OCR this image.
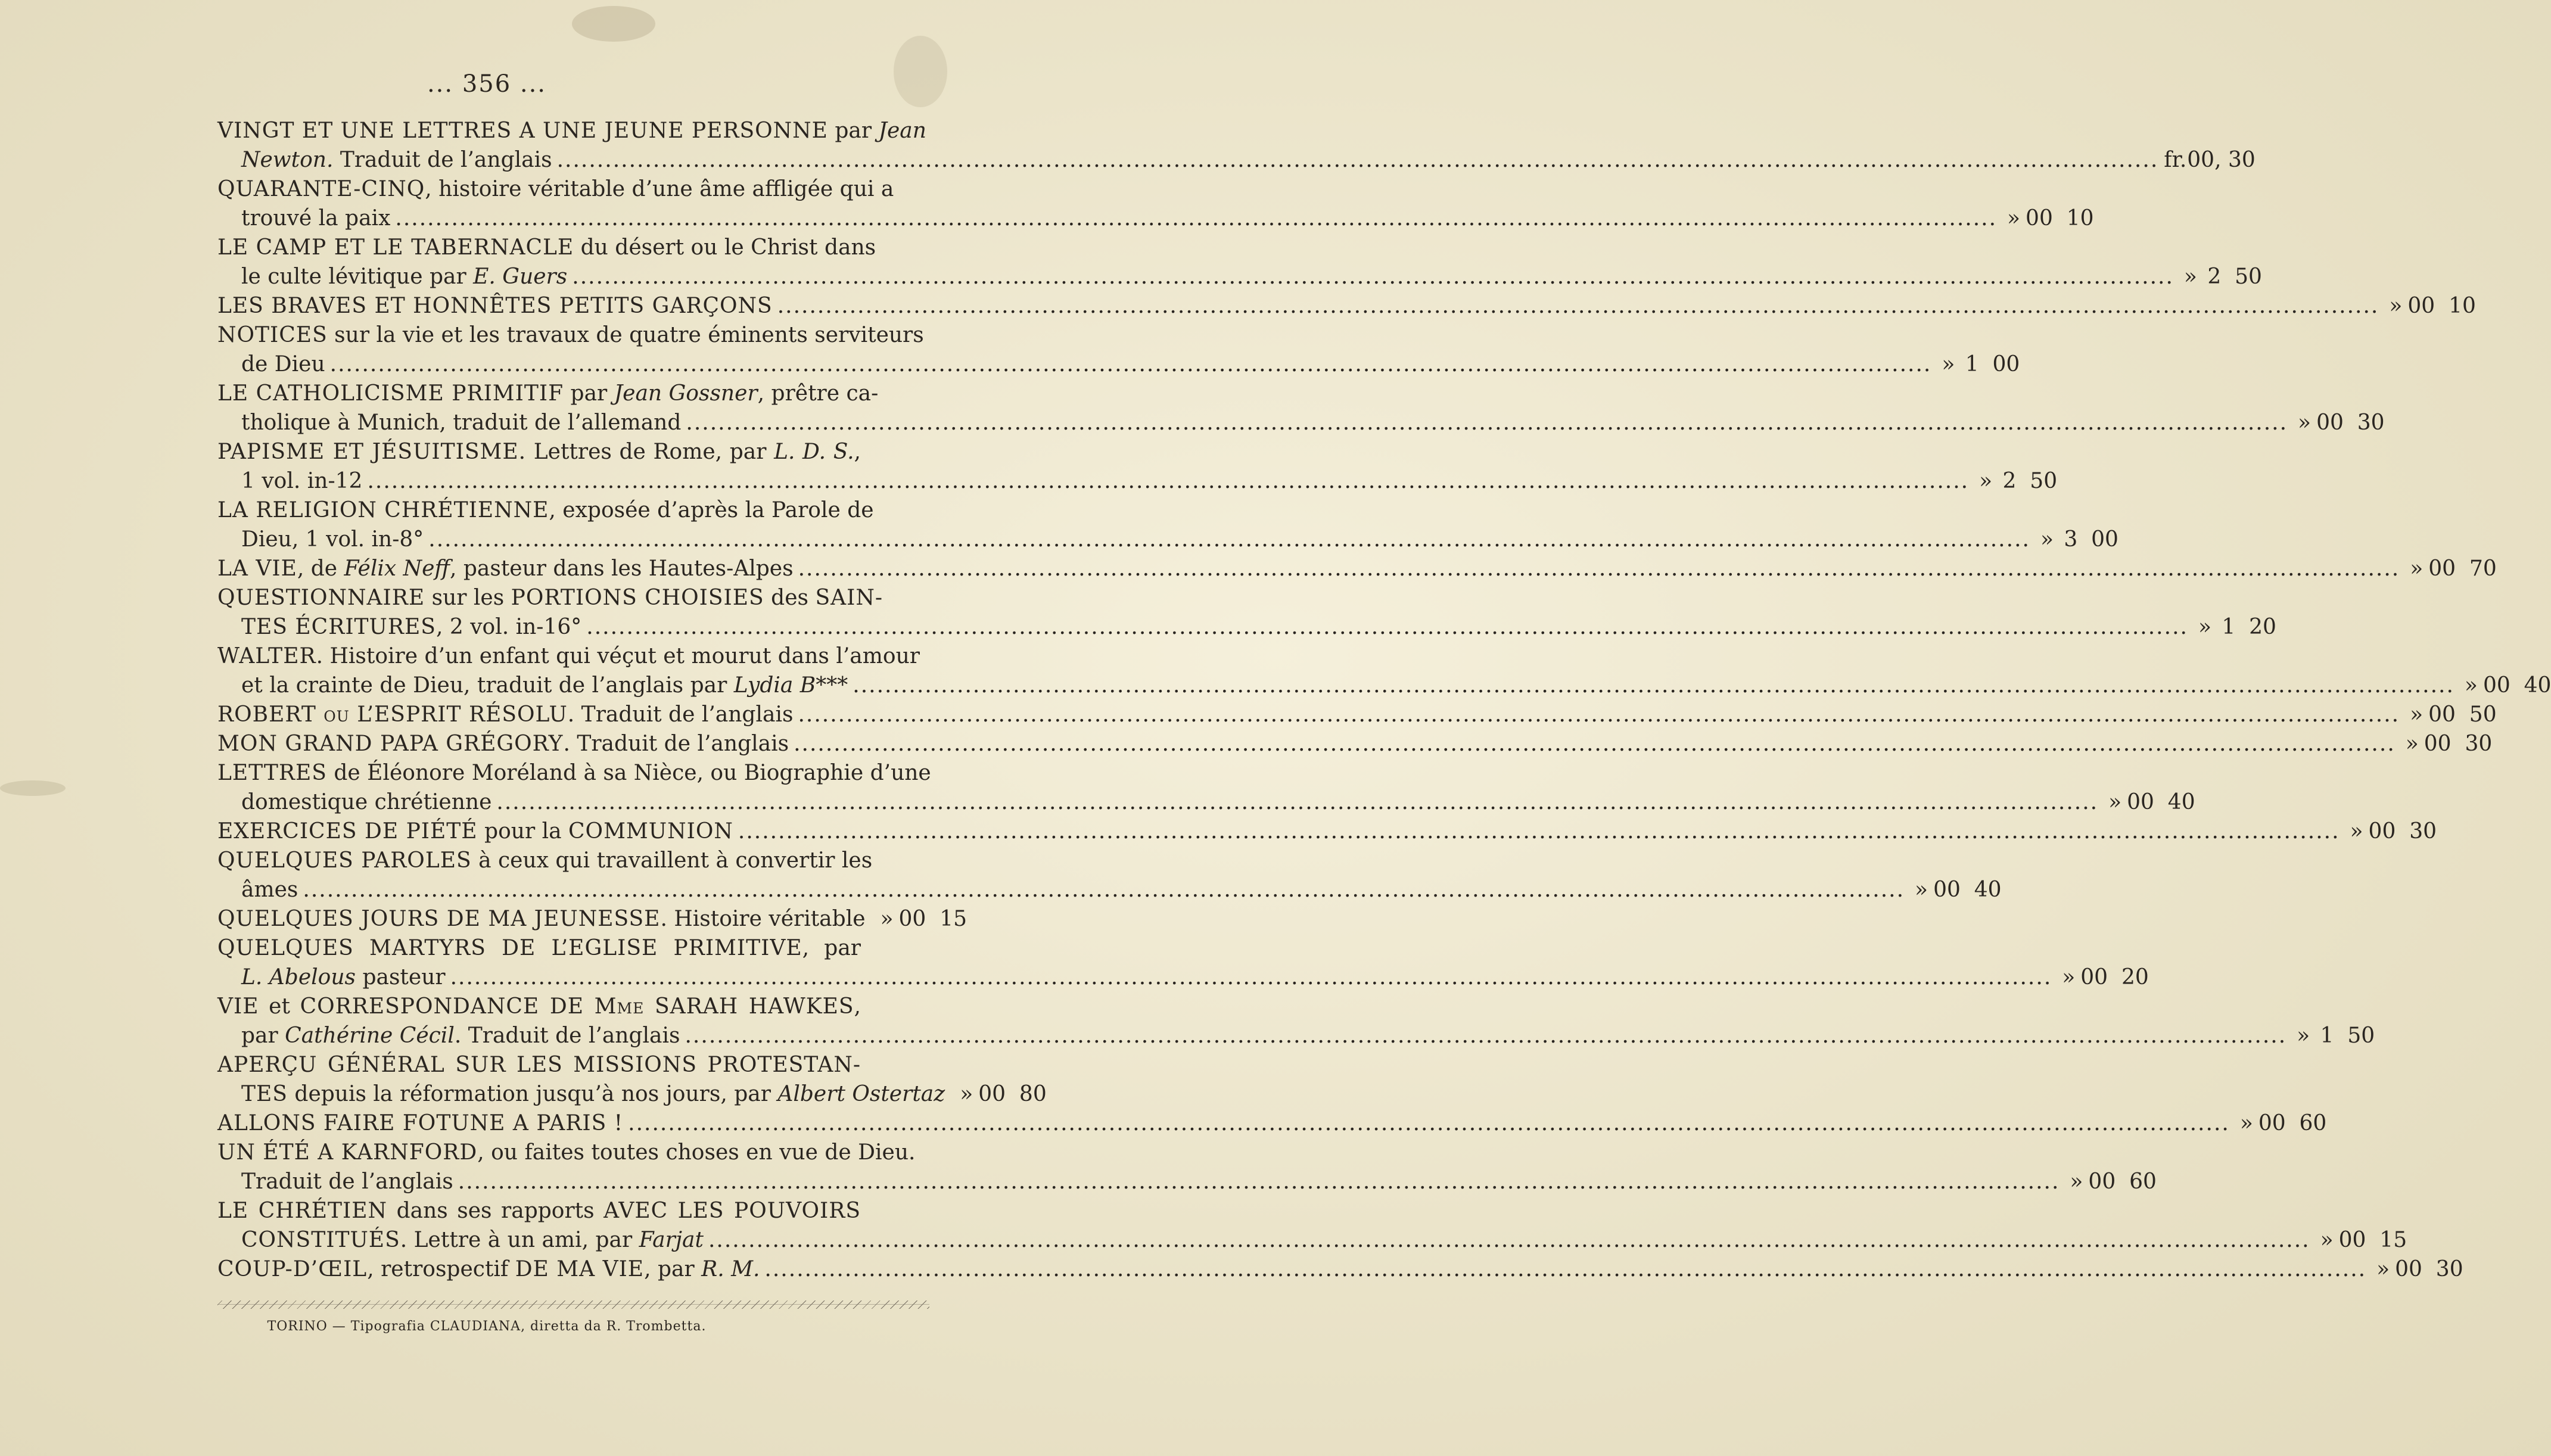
... 356 ...
VINGT ET UNE LETTRES A UNE JEUNE PERSONNE par Jean
Newton. Traduit de l’anglais .....	fr. 00, 30
QUARANTE-CINQ, histoire véritable d’une âme affligée qui a
trouvé la paix .....	» 00  10
LE CAMP ET LE TABERNACLE du désert ou le Christ dans
le culte lévitique par E. Guers .....	» 2  50
LES BRAVES ET HONNÊTES PETITS GARÇONS .....	» 00  10
NOTICES sur la vie et les travaux de quatre éminents serviteurs
de Dieu .....	» 1  00
LE CATHOLICISME PRIMITIF par Jean Gossner, prêtre ca-
tholique à Munich, traduit de l’allemand .....	» 00  30
PAPISME ET JÉSUITISME. Lettres de Rome, par L. D. S.,
1 vol. in-12 .....	» 2  50
LA RELIGION CHRÉTIENNE, exposée d’après la Parole de
Dieu, 1 vol. in-8° .....	» 3  00
LA VIE, de Félix Neff, pasteur dans les Hautes-Alpes .....	» 00  70
QUESTIONNAIRE sur les PORTIONS CHOISIES des SAIN-
TES ÉCRITURES, 2 vol. in-16° .....	» 1  20
WALTER. Histoire d’un enfant qui véçut et mourut dans l’amour
et la crainte de Dieu, traduit de l’anglais par Lydia B*** .....	» 00  40
ROBERT ou L’ESPRIT RÉSOLU. Traduit de l’anglais .....	» 00  50
MON GRAND PAPA GRÉGORY. Traduit de l’anglais .....	» 00  30
LETTRES de Éléonore Moréland à sa Nièce, ou Biographie d’une
domestique chrétienne .....	» 00  40
EXERCICES DE PIÉTÉ pour la COMMUNION .....	» 00  30
QUELQUES PAROLES à ceux qui travaillent à convertir les
âmes .....	» 00  40
QUELQUES JOURS DE MA JEUNESSE. Histoire véritable » 00  15
QUELQUES MARTYRS DE L’EGLISE PRIMITIVE, par
L. Abelous pasteur .....	» 00  20
VIE et CORRESPONDANCE DE Mme SARAH HAWKES,
par Cathérine Cécil. Traduit de l’anglais .....	» 1  50
APERÇU GÉNÉRAL SUR LES MISSIONS PROTESTAN-
TES depuis la réformation jusqu’à nos jours, par Albert Ostertaz » 00  80
ALLONS FAIRE FOTUNE A PARIS ! .....	» 00  60
UN ÉTÉ A KARNFORD, ou faites toutes choses en vue de Dieu.
Traduit de l’anglais .....	» 00  60
LE CHRÉTIEN dans ses rapports AVEC LES POUVOIRS
CONSTITUÉS. Lettre à un ami, par Farjat .....	» 00  15
COUP-D’ŒIL, retrospectif DE MA VIE, par R. M. .....	» 00  30
TORINO — Tipografia CLAUDIANA, diretta da R. Trombetta.
